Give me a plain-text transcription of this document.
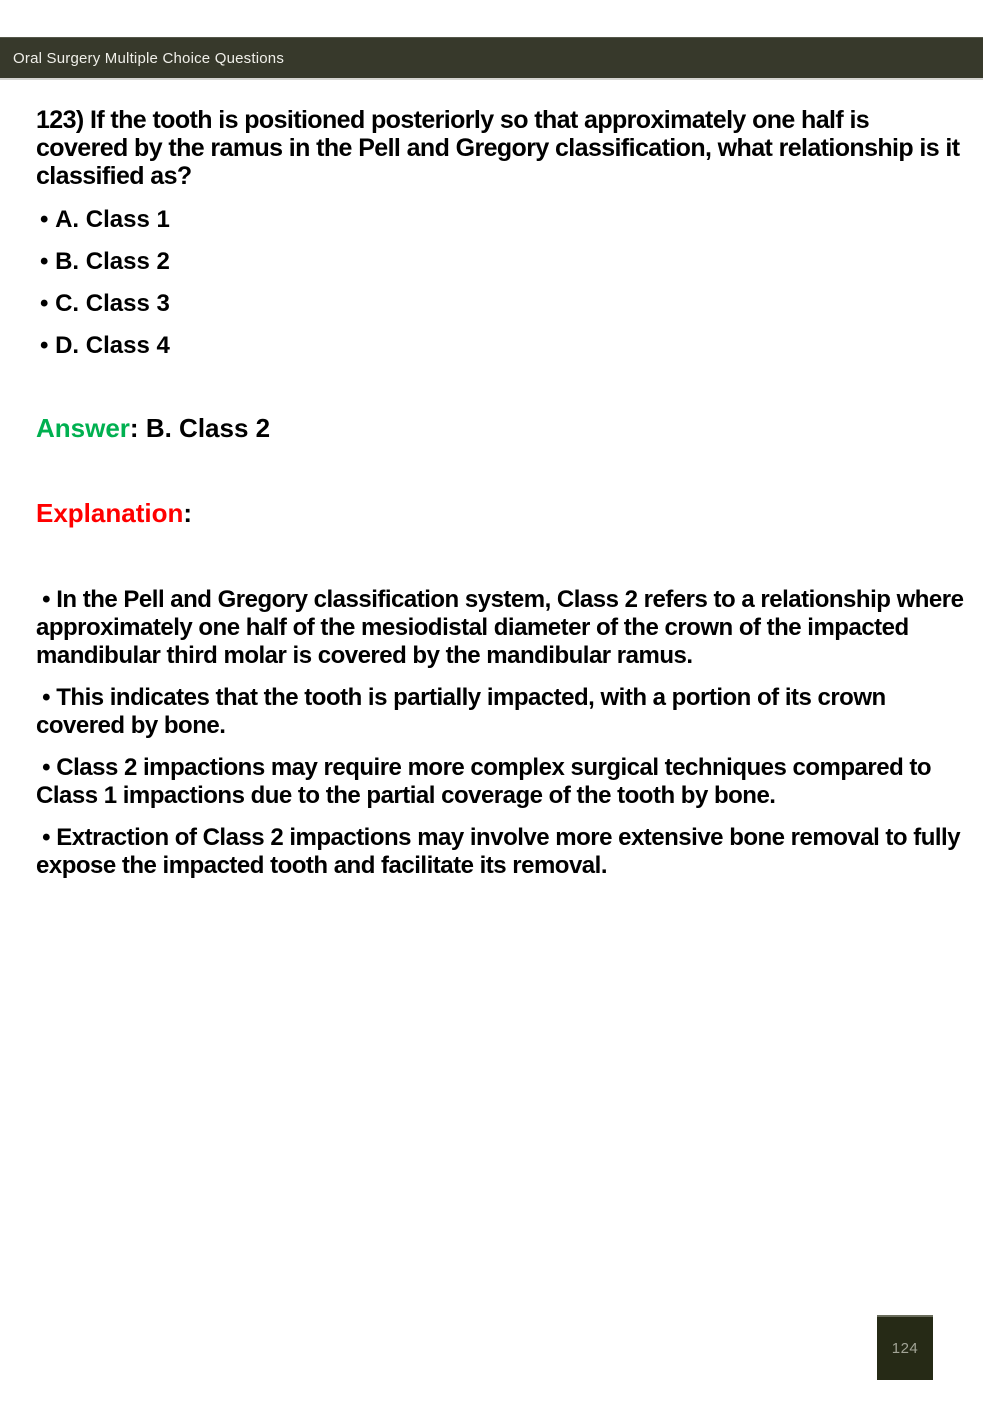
Oral Surgery Multiple Choice Questions
123) If the tooth is positioned posteriorly so that approximately one half is covered by the ramus in the Pell and Gregory classification, what relationship is it classified as?
• A. Class 1
• B. Class 2
• C. Class 3
• D. Class 4
Answer: B. Class 2
Explanation:

• In the Pell and Gregory classification system, Class 2 refers to a relationship where approximately one half of the mesiodistal diameter of the crown of the impacted mandibular third molar is covered by the mandibular ramus.

• This indicates that the tooth is partially impacted, with a portion of its crown covered by bone.

• Class 2 impactions may require more complex surgical techniques compared to Class 1 impactions due to the partial coverage of the tooth by bone.

• Extraction of Class 2 impactions may involve more extensive bone removal to fully expose the impacted tooth and facilitate its removal.

124
